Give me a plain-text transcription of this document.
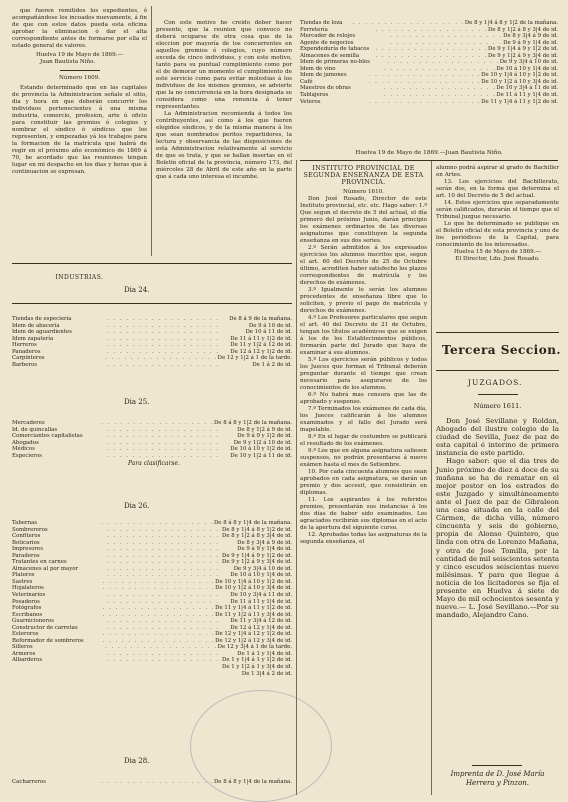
que fueren remitidos los expedientes, ó acompañándose los incoados nuevamente, á fin de que con estos datos pueda esta oficina aprobar la eliminacion ó dar el alta correspondiente antes de formarse por ella el estado general de valores.

Huelva 19 de Mayo de 1869.—
Juan Bautista Niño.
Número 1609.

Estando determinado que en las capitales de provincia la Administracion señale el sitio, dia y hora en que deberán concurrir los individuos pertenecientes á una misma industria, comercio, profesion, arte ú oficio para constituir las gremios ó colegios y nombrar el síndico ó síndicos que los representen, y empezadas yá los trabajos para la formacion de la matrícula que habrá de regir en el próximo año económico de 1869 á 70, he acordado que las reuniones tengan lugar en mi despacho en los dias y horas que á continuacion se expresan.

Con este motivo he creido deber hacer presente, que la reunion que convoco no deberá ocuparse de otra cosa que de la eleccion por mayoría de los concurrentes en aquellos gremios ó colegios, cuyo número exceda de cinco individuos, y con este motivo, tanto para su puntual cumplimiento como por el de demorar un momento el cumplimiento de este servicio como para evitar molestias á los individuos de los mismos gremios, se advierte que la no concurrencia en la hora designada se considera como una renuncia á tener representantes.

La Administracion recomienda á todos los contribuyentes, así como á los que fueren elegidos síndicos, y de la misma manera á los que sean nombrados peritos repartidores, la lectura y observancia de las disposiciones de esta Administracion relativamente al servicio de que se trata, y que se hallan insertas en el Boletin oficial de la provincia, número 173, del miércoles 28 de Abril de este año en la parte que á cada uno interesa el incumbe.

INDUSTRIAS.
Dia 24.
Tiendas de especiería	. . . . . . . . . . . . . . . . . .	De 8 á 9 de la mañana.
Idem de abacería	. . . . . . . . . . . . . . . . . .	De 9 á 10 de id.
Idem de aguardientes	. . . . . . . . . . . . . . . . . .	De 10 á 11 de id.
Idem zapatería	. . . . . . . . . . . . . . . . . .	De 11 á 11 y 1|2 de id.
Herreros	. . . . . . . . . . . . . . . . . .	De 11 y 1|2 á 12 de id.
Panaderos	. . . . . . . . . . . . . . . . . .	De 12 á 12 y 1|2 de id.
Carpinteros	. . . . . . . . . . . . . . . . . . De 12 y 1|2 á 1 de la tarde.
Barberos	. . . . . . . . . . . . . . . . . .	De 1 á 2 de id.
Dia 25.
Mercaderes	. . . . . . . . . . . . . . . . . . De 8 á 8 y 1|2 de la mañana.
Id. de quincallas	. . . . . . . . . . . . . . . . . .	De 8 y 1|2 á 9 de id.
Comerciantes capitalistas	. . . . . . . . . . . . . . . . . .	De 9 á 9 y 1|2 de id.
Abogados	. . . . . . . . . . . . . . . . . .	De 9 y 1|2 á 10 de id.
Médicos	. . . . . . . . . . . . . . . . . .	De 10 á 10 y 1|2 de id.
Especieros	. . . . . . . . . . . . . . . . . .	De 10 y 1|2 á 11 de id.
Para clasificarse.
Dia 26.
Tabernas	. . . . . . . . . . . . . . . . . . De 8 á 8 y 1|4 de la mañana.
Sombrereros	. . . . . . . . . . . . . . . . . . De 8 y 1|4 á 8 y 1|2 de id.
Confiteros	. . . . . . . . . . . . . . . . . . De 8 y 1|2 á 8 y 3|4 de id.
Boticarios	. . . . . . . . . . . . . . . . . .	De 8 y 3|4 á 9 de id.
Impresores	. . . . . . . . . . . . . . . . . .	De 9 á 9 y 1|4 de id.
Paraderos	. . . . . . . . . . . . . . . . . . De 9 y 1|4 á 9 y 1|2 de id.
Tratantes en carnes	. . . . . . . . . . . . . . . . . . De 9 y 1|2 á 9 y 3|4 de id.
Almacenes al por mayor	. . . . . . . . . . . . . . . . . .	De 9 y 3|4 á 10 de id.
Plateros	. . . . . . . . . . . . . . . . . .	De 10 á 10 y 1|4 de id.
Sastres	. . . . . . . . . . . . . . . . . . De 10 y 1|4 á 10 y 1|2 de id.
Hojalateros	. . . . . . . . . . . . . . . . . . De 10 y 1|2 á 10 y 3|4 de id.
Veterinarios	. . . . . . . . . . . . . . . . . .	De 10 y 3|4 á 11 de id.
Posaderos	. . . . . . . . . . . . . . . . . .	De 11 á 11 y 1|4 de id.
Fotógrafos	. . . . . . . . . . . . . . . . . . De 11 y 1|4 á 11 y 1|2 de id.
Escribanos	. . . . . . . . . . . . . . . . . . De 11 y 1|2 á 11 y 3|4 de id.
Guarnicioneros	. . . . . . . . . . . . . . . . . .	De 11 y 3|4 á 12 de id.
Constructor de carretas	. . . . . . . . . . . . . . . . . .	De 12 á 12 y 1|4 de id.
Esteroros	. . . . . . . . . . . . . . . . . . De 12 y 1|4 á 12 y 1|2 de id.
Reformador de sombreros	. . . . . . . . . . . . . . . . . . De 12 y 1|2 á 12 y 3|4 de id.
Silleros	. . . . . . . . . . . . . . . . . . De 12 y 3|4 á 1 de la tarde.
Armeros	. . . . . . . . . . . . . . . . . .	De 1 á 1 y 1|4 de id.
Albarderos	. . . . . . . . . . . . . . . . . . De 1 y 1|4 á 1 y 1|2 de id.
De 1 y 1|2 á 1 y 3|4 de id.
De 1 3|4 á 2 de id.
Dia 28.
Cacharreros	. . . . . . . . . . . . . . . . . . De 8 á 8 y 1|4 de la mañana.
Tiendas de loza	. . . . . . . . . . . . . . . . . . De 8 y 1|4 á 8 y 1|2 de la mañana.
Ferretería	. . . . . . . . . . . . . . . . . . De 8 y 1|2 á 8 y 3|4 de id.
Mercader de relojes	. . . . . . . . . . . . . . . . . . De 8 y 3|4 á 9 de id.
Agente de negocios	. . . . . . . . . . . . . . . . . . De 9 á 9 y 1|4 de id.
Expendeduría de tabacos	. . . . . . . . . . . . . . . . . . De 9 y 1|4 á 9 y 1|2 de id.
Almacenes de semilla	. . . . . . . . . . . . . . . . . . De 9 y 1|2 á 9 y 3|4 de id.
Idem de primeras no-bles	. . . . . . . . . . . . . . . . . . De 9 y 3|4 á 10 de id.
Idem de vino	. . . . . . . . . . . . . . . . . . De 10 á 10 y 1|4 de id.
Idem de jamones	. . . . . . . . . . . . . . . . . . De 10 y 1|4 á 10 y 1|2 de id.
Café	. . . . . . . . . . . . . . . . . . De 10 y 1|2 á 10 y 3|4 de id.
Maestros de obras	. . . . . . . . . . . . . . . . . . De 10 y 3|4 á 11 de id.
Tablajeros	. . . . . . . . . . . . . . . . . . De 11 á 11 y 1|4 de id.
Veteros	. . . . . . . . . . . . . . . . . . De 11 y 1|4 á 11 y 1|2 de id.
Huelva 19 de Mayo de 1869.—Juan Bautista Niño.
INSTITUTO PROVINCIAL DE SEGUNDA ENSEÑANZA DE ESTA PROVINCIA.
Número 1610.

Don José Rosado, Director de este Instituto provincial, etc. etc. Hago saber: 1.º Que segun el decreto de 5 del actual, el día primero del próximo Junio, darán principio los exámenes ordinarios de las diversas asignaturas que constituyen la segunda enseñanza en sus dos series.

2.º Serán admitidos á los expresados ejercicios los alumnos inscritos que, segun el art. 60 del Decreto de 25 de Octubre último, acrediten haber satisfecho los plazos correspondientes de matrícula y los derechos de exámenes.

3.º Igualmente lo serán los alumnos procedentes de enseñanza libre que lo soliciten, y previo el pago de matrícula y derechos de exámenes.

4.º Los Profesores particulares que segun el art. 40 del Decreto de 21 de Octubre, tengan los títulos académicos que se exigen á los de los Establecimientos públicos, formarán parte del Jurado que haya de examinar á sus alumnos.

5.º Los ejercicios serán públicos y todos los Jueces que forman el Tribunal deberán preguntar durante el tiempo que crean necesario para asegurarse de los conocimientos de los alumnos.

6.º No habrá mas censura que las de aprobado y suspenso.

7.º Terminados los exámenes de cada día, los Jueces calificarán á los alumnos examinados y el fallo del Jurado será inapelable.

8.º En el lugar de costumbre se publicará el resultado de los exámenes.

9.º Los que en alguna asignatura saliesen suspensos, no podrán presentarse á nuevo exámen hasta el mes de Setiembre.

10. Por cada cincuenta alumnos que sean aprobados en cada asignatura, se darán un premio y dos accesit, que consistirán en diplomas.

11. Los aspirantes á los referidos premios, presentarán sus instancias á los dos días de haber sido examinados. Los agraciados recibirán sus diplomas en el acto de la apertura del siguiente curso.

12. Aprobadas todas las asignaturas de la segunda enseñanza, el

alumno podrá aspirar al grado de Bachiller en Artes.

13. Los ejercicios del Bachillerato, serán dos, en la forma que determina el art. 10 del Decreto de 5 del actual.

14. Estos ejercicios que separadamente serán calificados, durarán el tiempo que el Tribunal juzgue necesario.

Lo que he determinado se publique en el Boletín oficial de esta provincia y uno de los periódicos de la Capital, para conocimiento de los interesados.

Huelva 15 de Mayo de 1869.—
El Director, Ldo. José Rosado.
Tercera Seccion.
JUZGADOS.
Número 1611.

Don José Sevillano y Roldan, Abogado del ilustre colegio de la ciudad de Sevilla, Juez de paz de esta capital é interino de primera instancia de este partido.

Hago saber: que el dia tres de Junio próximo de diez á doce de su mañana se ha de rematar en el mejor postor en los estrados de este Juzgado y simultáneamente ante el Juez de paz de Gibraleon una casa situada en la calle del Cármen, de dicha villa, número cincuenta y seis de gobierno, propia de Alonso Quintero, que linda con otra de Lorenzo Mañana, y otra de José Tomilla, por la cantidad de mil seiscientos setenta y cinco escudos seiscientas nueve milésimas. Y para que llegue á noticia de los licitadores se fija el presente en Huelva á siete de Mayo de mil ochocientos sesenta y nueve.— L. José Sevillano.—Por su mandado, Alejandro Cano.

Imprenta de D. José María Herrera y Pinzon.
